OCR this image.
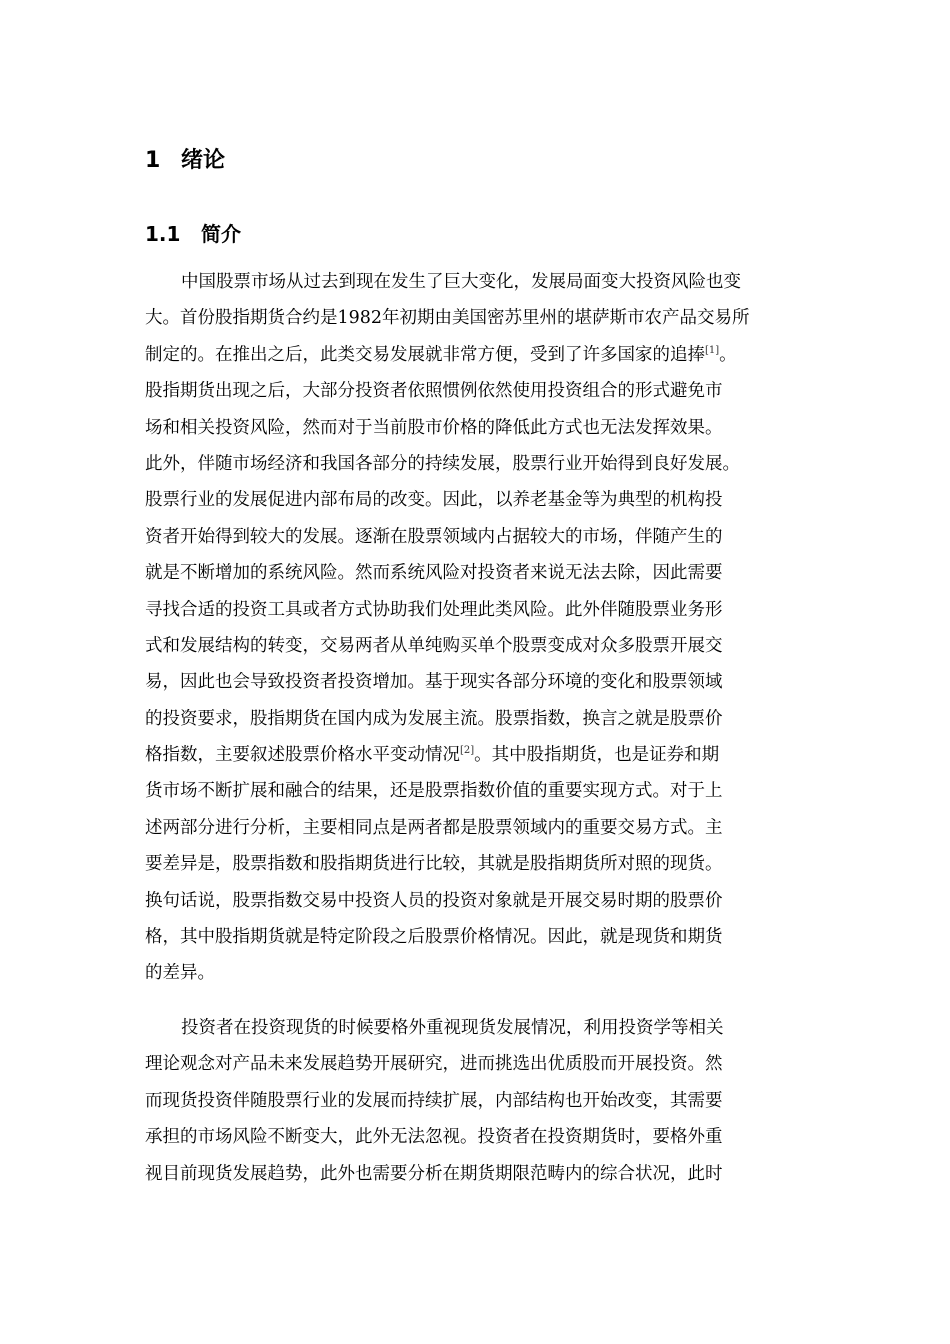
1 绪论
1.1 简介
中国股票市场从过去到现在发生了巨大变化，发展局面变大投资风险也变
大。首份股指期货合约是1982年初期由美国密苏里州的堪萨斯市农产品交易所
制定的。在推出之后，此类交易发展就非常方便，受到了许多国家的追捧[1]。
股指期货出现之后，大部分投资者依照惯例依然使用投资组合的形式避免市
场和相关投资风险，然而对于当前股市价格的降低此方式也无法发挥效果。
此外，伴随市场经济和我国各部分的持续发展，股票行业开始得到良好发展。
股票行业的发展促进内部布局的改变。因此，以养老基金等为典型的机构投
资者开始得到较大的发展。逐渐在股票领域内占据较大的市场，伴随产生的
就是不断增加的系统风险。然而系统风险对投资者来说无法去除，因此需要
寻找合适的投资工具或者方式协助我们处理此类风险。此外伴随股票业务形
式和发展结构的转变，交易两者从单纯购买单个股票变成对众多股票开展交
易，因此也会导致投资者投资增加。基于现实各部分环境的变化和股票领域
的投资要求，股指期货在国内成为发展主流。股票指数，换言之就是股票价
格指数，主要叙述股票价格水平变动情况[2]。其中股指期货，也是证券和期
货市场不断扩展和融合的结果，还是股票指数价值的重要实现方式。对于上
述两部分进行分析，主要相同点是两者都是股票领域内的重要交易方式。主
要差异是，股票指数和股指期货进行比较，其就是股指期货所对照的现货。
换句话说，股票指数交易中投资人员的投资对象就是开展交易时期的股票价
格，其中股指期货就是特定阶段之后股票价格情况。因此，就是现货和期货
的差异。
投资者在投资现货的时候要格外重视现货发展情况，利用投资学等相关
理论观念对产品未来发展趋势开展研究，进而挑选出优质股而开展投资。然
而现货投资伴随股票行业的发展而持续扩展，内部结构也开始改变，其需要
承担的市场风险不断变大，此外无法忽视。投资者在投资期货时，要格外重
视目前现货发展趋势，此外也需要分析在期货期限范畴内的综合状况，此时
